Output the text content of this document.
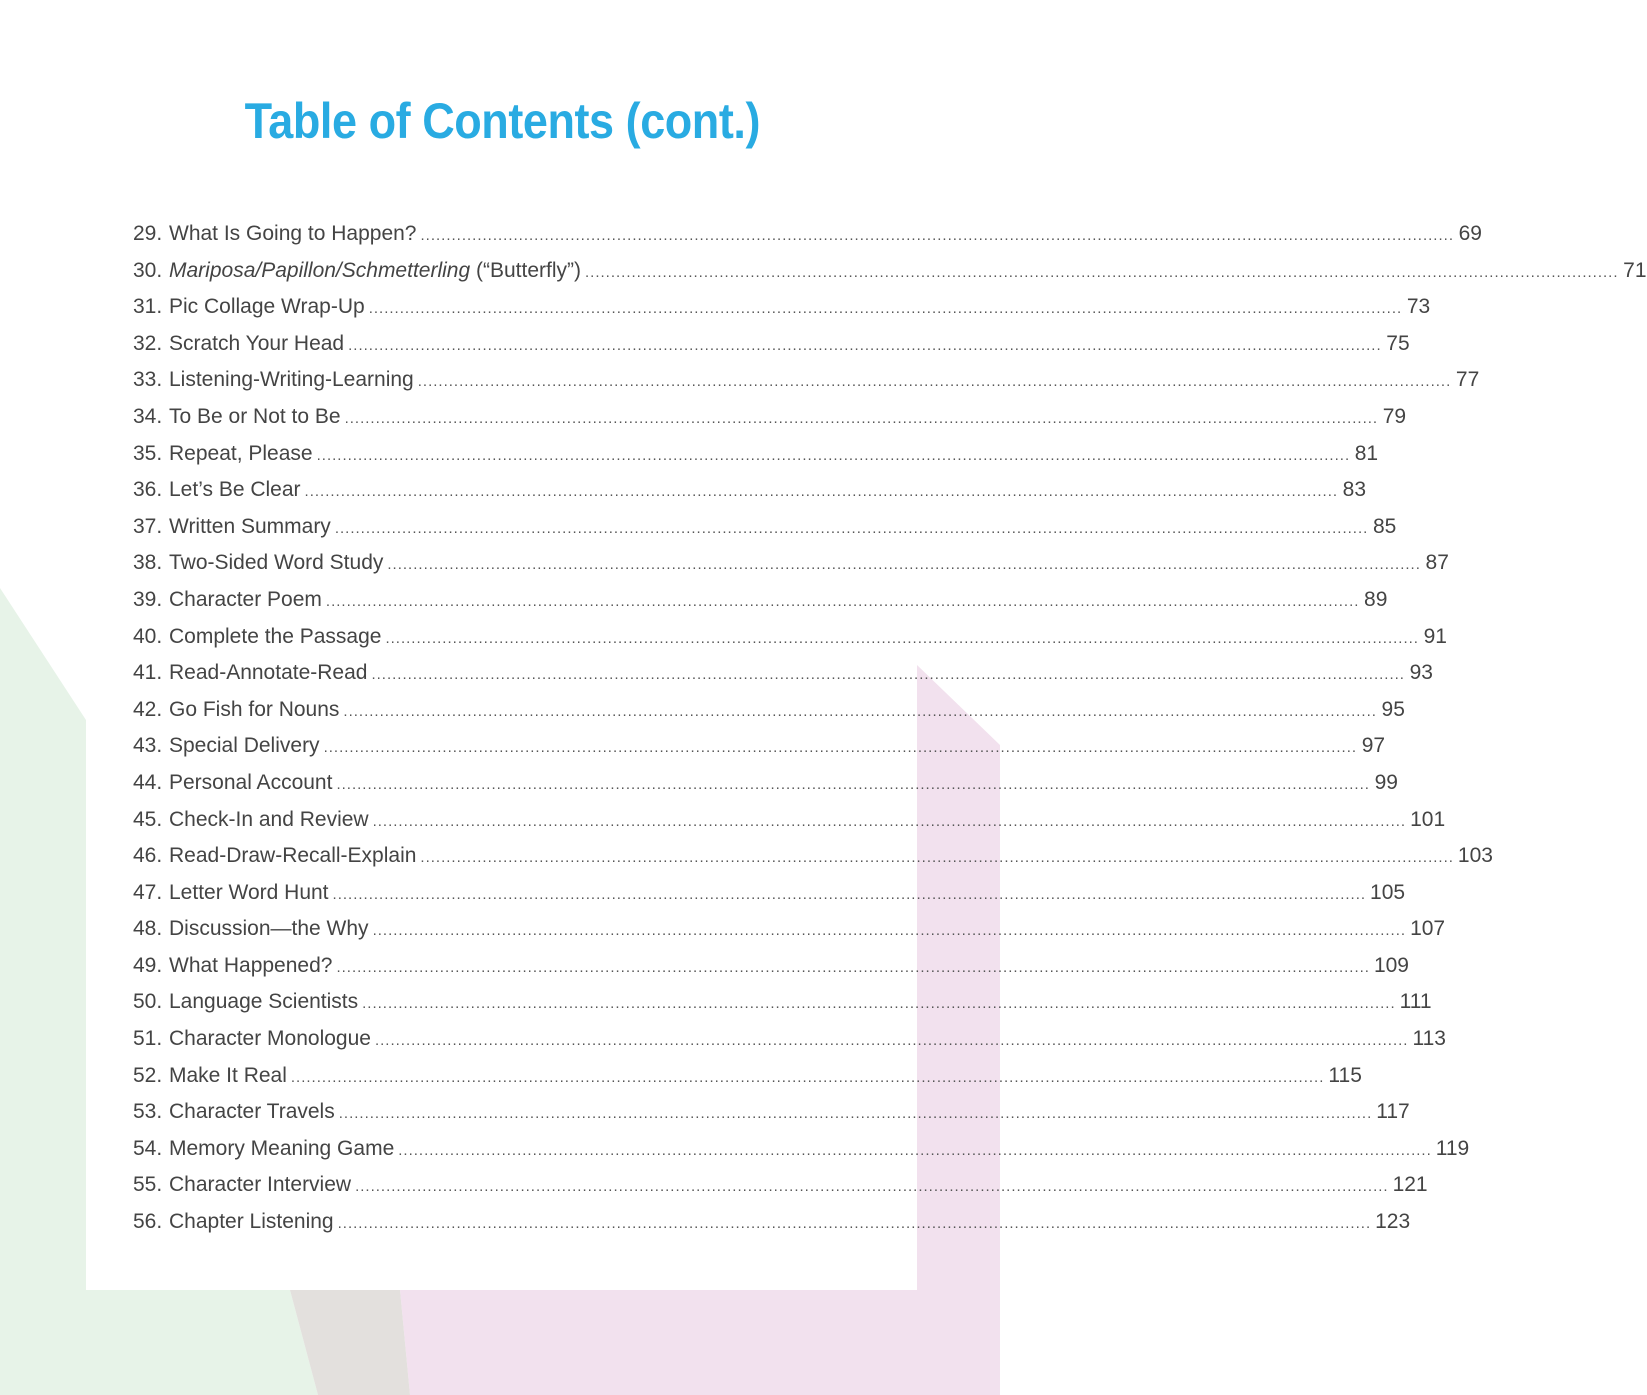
Table of Contents (cont.)
29. What Is Going to Happen? ........................................................................................................................................................................................................ 69
30. Mariposa/Papillon/Schmetterling (“Butterfly”) ........................................................................................................................................................................................................ 71
31. Pic Collage Wrap-Up ........................................................................................................................................................................................................ 73
32. Scratch Your Head ........................................................................................................................................................................................................ 75
33. Listening-Writing-Learning ........................................................................................................................................................................................................ 77
34. To Be or Not to Be ........................................................................................................................................................................................................ 79
35. Repeat, Please ........................................................................................................................................................................................................ 81
36. Let’s Be Clear ........................................................................................................................................................................................................ 83
37. Written Summary ........................................................................................................................................................................................................ 85
38. Two-Sided Word Study ........................................................................................................................................................................................................ 87
39. Character Poem ........................................................................................................................................................................................................ 89
40. Complete the Passage ........................................................................................................................................................................................................ 91
41. Read-Annotate-Read ........................................................................................................................................................................................................ 93
42. Go Fish for Nouns ........................................................................................................................................................................................................ 95
43. Special Delivery ........................................................................................................................................................................................................ 97
44. Personal Account ........................................................................................................................................................................................................ 99
45. Check-In and Review ........................................................................................................................................................................................................ 101
46. Read-Draw-Recall-Explain ........................................................................................................................................................................................................ 103
47. Letter Word Hunt ........................................................................................................................................................................................................ 105
48. Discussion—the Why ........................................................................................................................................................................................................ 107
49. What Happened? ........................................................................................................................................................................................................ 109
50. Language Scientists ........................................................................................................................................................................................................ 111
51. Character Monologue ........................................................................................................................................................................................................ 113
52. Make It Real ........................................................................................................................................................................................................ 115
53. Character Travels ........................................................................................................................................................................................................ 117
54. Memory Meaning Game ........................................................................................................................................................................................................ 119
55. Character Interview ........................................................................................................................................................................................................ 121
56. Chapter Listening ........................................................................................................................................................................................................ 123
